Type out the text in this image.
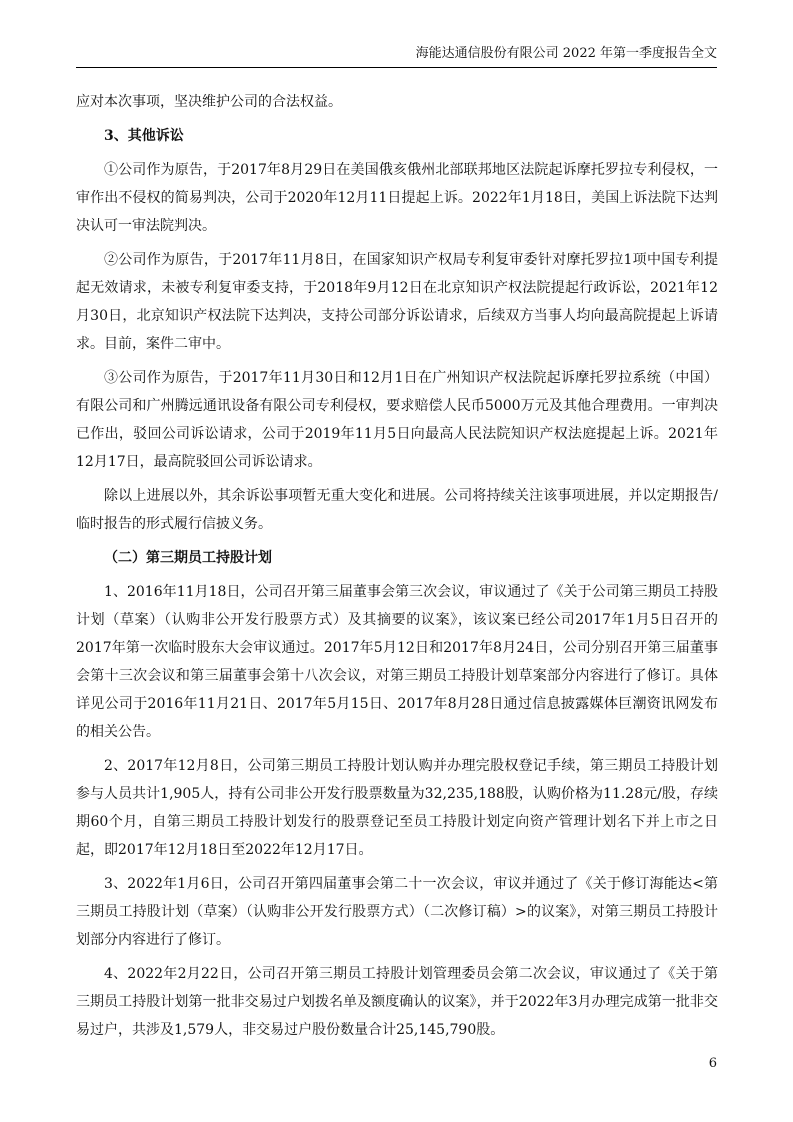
海能达通信股份有限公司 2022 年第一季度报告全文

应对本次事项，坚决维护公司的合法权益。

3、其他诉讼

①公司作为原告，于2017年8月29日在美国俄亥俄州北部联邦地区法院起诉摩托罗拉专利侵权，一审作出不侵权的简易判决，公司于2020年12月11日提起上诉。2022年1月18日，美国上诉法院下达判决认可一审法院判决。

②公司作为原告，于2017年11月8日，在国家知识产权局专利复审委针对摩托罗拉1项中国专利提起无效请求，未被专利复审委支持，于2018年9月12日在北京知识产权法院提起行政诉讼，2021年12月30日，北京知识产权法院下达判决，支持公司部分诉讼请求，后续双方当事人均向最高院提起上诉请求。目前，案件二审中。

③公司作为原告，于2017年11月30日和12月1日在广州知识产权法院起诉摩托罗拉系统（中国）有限公司和广州腾远通讯设备有限公司专利侵权，要求赔偿人民币5000万元及其他合理费用。一审判决已作出，驳回公司诉讼请求，公司于2019年11月5日向最高人民法院知识产权法庭提起上诉。2021年12月17日，最高院驳回公司诉讼请求。

除以上进展以外，其余诉讼事项暂无重大变化和进展。公司将持续关注该事项进展，并以定期报告/临时报告的形式履行信披义务。

（二）第三期员工持股计划

1、2016年11月18日，公司召开第三届董事会第三次会议，审议通过了《关于公司第三期员工持股计划（草案）（认购非公开发行股票方式）及其摘要的议案》，该议案已经公司2017年1月5日召开的2017年第一次临时股东大会审议通过。2017年5月12日和2017年8月24日，公司分别召开第三届董事会第十三次会议和第三届董事会第十八次会议，对第三期员工持股计划草案部分内容进行了修订。具体详见公司于2016年11月21日、2017年5月15日、2017年8月28日通过信息披露媒体巨潮资讯网发布的相关公告。

2、2017年12月8日，公司第三期员工持股计划认购并办理完股权登记手续，第三期员工持股计划参与人员共计1,905人，持有公司非公开发行股票数量为32,235,188股，认购价格为11.28元/股，存续期60个月，自第三期员工持股计划发行的股票登记至员工持股计划定向资产管理计划名下并上市之日起，即2017年12月18日至2022年12月17日。

3、2022年1月6日，公司召开第四届董事会第二十一次会议，审议并通过了《关于修订海能达<第三期员工持股计划（草案）（认购非公开发行股票方式）（二次修订稿）>的议案》，对第三期员工持股计划部分内容进行了修订。

4、2022年2月22日，公司召开第三期员工持股计划管理委员会第二次会议，审议通过了《关于第三期员工持股计划第一批非交易过户划拨名单及额度确认的议案》，并于2022年3月办理完成第一批非交易过户，共涉及1,579人，非交易过户股份数量合计25,145,790股。

6
